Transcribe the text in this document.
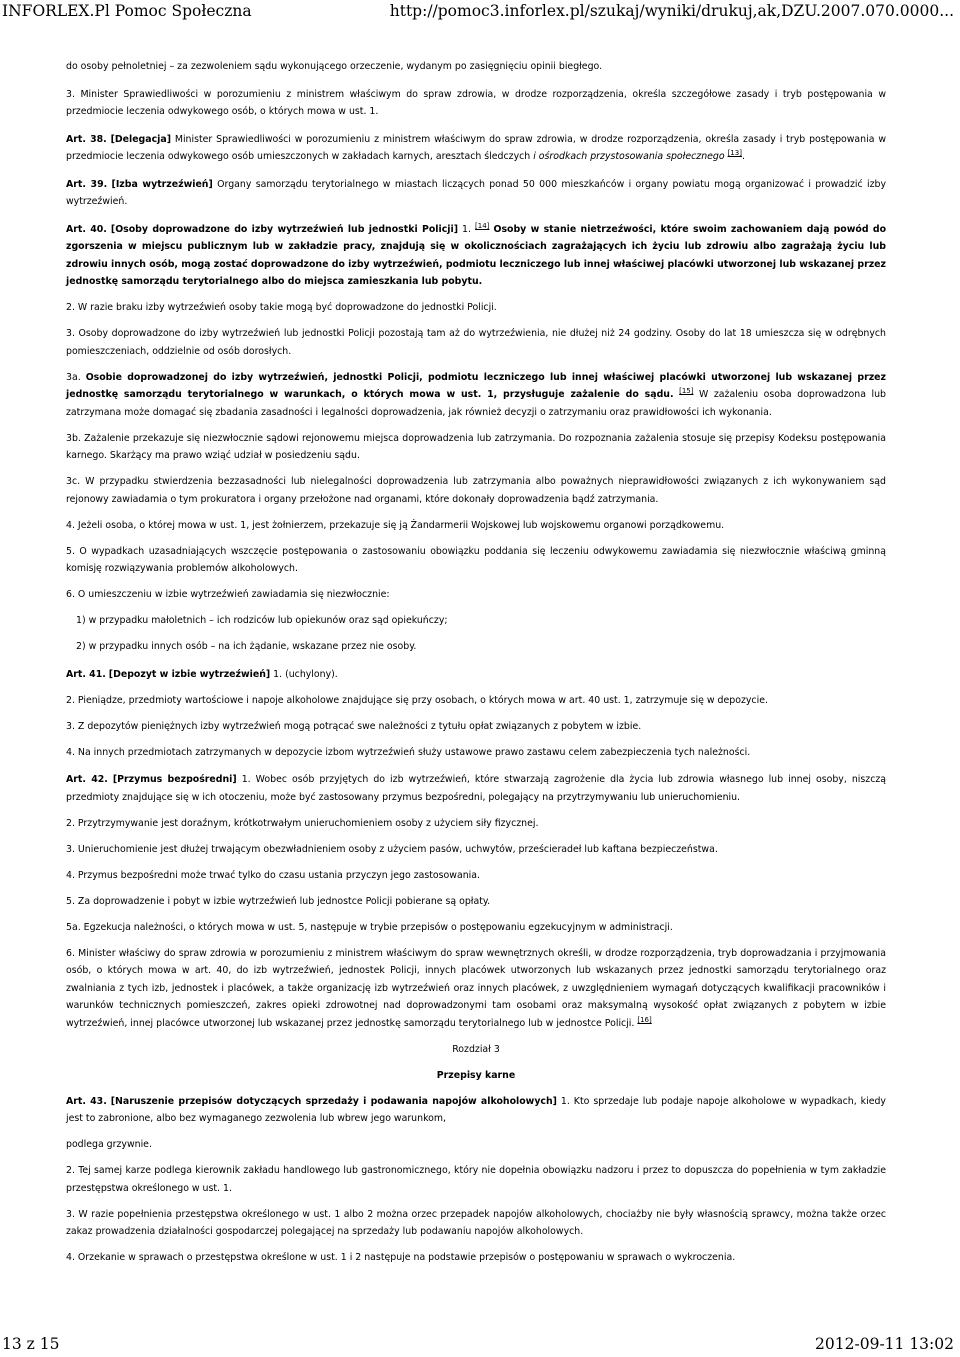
INFORLEX.Pl Pomoc Społeczna	http://pomoc3.inforlex.pl/szukaj/wyniki/drukuj,ak,DZU.2007.070.0000...

do osoby pełnoletniej – za zezwoleniem sądu wykonującego orzeczenie, wydanym po zasięgnięciu opinii biegłego.

3. Minister Sprawiedliwości w porozumieniu z ministrem właściwym do spraw zdrowia, w drodze rozporządzenia, określa szczegółowe zasady i tryb postępowania w przedmiocie leczenia odwykowego osób, o których mowa w ust. 1.

Art. 38. [Delegacja] Minister Sprawiedliwości w porozumieniu z ministrem właściwym do spraw zdrowia, w drodze rozporządzenia, określa zasady i tryb postępowania w przedmiocie leczenia odwykowego osób umieszczonych w zakładach karnych, aresztach śledczych i ośrodkach przystosowania społecznego [13].

Art. 39. [Izba wytrzeźwień] Organy samorządu terytorialnego w miastach liczących ponad 50 000 mieszkańców i organy powiatu mogą organizować i prowadzić izby wytrzeźwień.

Art. 40. [Osoby doprowadzone do izby wytrzeźwień lub jednostki Policji] 1. [14] Osoby w stanie nietrzeźwości, które swoim zachowaniem dają powód do zgorszenia w miejscu publicznym lub w zakładzie pracy, znajdują się w okolicznościach zagrażających ich życiu lub zdrowiu albo zagrażają życiu lub zdrowiu innych osób, mogą zostać doprowadzone do izby wytrzeźwień, podmiotu leczniczego lub innej właściwej placówki utworzonej lub wskazanej przez jednostkę samorządu terytorialnego albo do miejsca zamieszkania lub pobytu.

2. W razie braku izby wytrzeźwień osoby takie mogą być doprowadzone do jednostki Policji.

3. Osoby doprowadzone do izby wytrzeźwień lub jednostki Policji pozostają tam aż do wytrzeźwienia, nie dłużej niż 24 godziny. Osoby do lat 18 umieszcza się w odrębnych pomieszczeniach, oddzielnie od osób dorosłych.

3a. Osobie doprowadzonej do izby wytrzeźwień, jednostki Policji, podmiotu leczniczego lub innej właściwej placówki utworzonej lub wskazanej przez jednostkę samorządu terytorialnego w warunkach, o których mowa w ust. 1, przysługuje zażalenie do sądu. [15] W zażaleniu osoba doprowadzona lub zatrzymana może domagać się zbadania zasadności i legalności doprowadzenia, jak również decyzji o zatrzymaniu oraz prawidłowości ich wykonania.

3b. Zażalenie przekazuje się niezwłocznie sądowi rejonowemu miejsca doprowadzenia lub zatrzymania. Do rozpoznania zażalenia stosuje się przepisy Kodeksu postępowania karnego. Skarżący ma prawo wziąć udział w posiedzeniu sądu.

3c. W przypadku stwierdzenia bezzasadności lub nielegalności doprowadzenia lub zatrzymania albo poważnych nieprawidłowości związanych z ich wykonywaniem sąd rejonowy zawiadamia o tym prokuratora i organy przełożone nad organami, które dokonały doprowadzenia bądź zatrzymania.

4. Jeżeli osoba, o której mowa w ust. 1, jest żołnierzem, przekazuje się ją Żandarmerii Wojskowej lub wojskowemu organowi porządkowemu.

5. O wypadkach uzasadniających wszczęcie postępowania o zastosowaniu obowiązku poddania się leczeniu odwykowemu zawiadamia się niezwłocznie właściwą gminną komisję rozwiązywania problemów alkoholowych.

6. O umieszczeniu w izbie wytrzeźwień zawiadamia się niezwłocznie:

1) w przypadku małoletnich – ich rodziców lub opiekunów oraz sąd opiekuńczy;

2) w przypadku innych osób – na ich żądanie, wskazane przez nie osoby.

Art. 41. [Depozyt w izbie wytrzeźwień] 1. (uchylony).

2. Pieniądze, przedmioty wartościowe i napoje alkoholowe znajdujące się przy osobach, o których mowa w art. 40 ust. 1, zatrzymuje się w depozycie.

3. Z depozytów pieniężnych izby wytrzeźwień mogą potrącać swe należności z tytułu opłat związanych z pobytem w izbie.

4. Na innych przedmiotach zatrzymanych w depozycie izbom wytrzeźwień służy ustawowe prawo zastawu celem zabezpieczenia tych należności.

Art. 42. [Przymus bezpośredni] 1. Wobec osób przyjętych do izb wytrzeźwień, które stwarzają zagrożenie dla życia lub zdrowia własnego lub innej osoby, niszczą przedmioty znajdujące się w ich otoczeniu, może być zastosowany przymus bezpośredni, polegający na przytrzymywaniu lub unieruchomieniu.

2. Przytrzymywanie jest doraźnym, krótkotrwałym unieruchomieniem osoby z użyciem siły fizycznej.

3. Unieruchomienie jest dłużej trwającym obezwładnieniem osoby z użyciem pasów, uchwytów, prześcieradeł lub kaftana bezpieczeństwa.

4. Przymus bezpośredni może trwać tylko do czasu ustania przyczyn jego zastosowania.

5. Za doprowadzenie i pobyt w izbie wytrzeźwień lub jednostce Policji pobierane są opłaty.

5a. Egzekucja należności, o których mowa w ust. 5, następuje w trybie przepisów o postępowaniu egzekucyjnym w administracji.

6. Minister właściwy do spraw zdrowia w porozumieniu z ministrem właściwym do spraw wewnętrznych określi, w drodze rozporządzenia, tryb doprowadzania i przyjmowania osób, o których mowa w art. 40, do izb wytrzeźwień, jednostek Policji, innych placówek utworzonych lub wskazanych przez jednostki samorządu terytorialnego oraz zwalniania z tych izb, jednostek i placówek, a także organizację izb wytrzeźwień oraz innych placówek, z uwzględnieniem wymagań dotyczących kwalifikacji pracowników i warunków technicznych pomieszczeń, zakres opieki zdrowotnej nad doprowadzonymi tam osobami oraz maksymalną wysokość opłat związanych z pobytem w izbie wytrzeźwień, innej placówce utworzonej lub wskazanej przez jednostkę samorządu terytorialnego lub w jednostce Policji. [16]

Rozdział 3

Przepisy karne

Art. 43. [Naruszenie przepisów dotyczących sprzedaży i podawania napojów alkoholowych] 1. Kto sprzedaje lub podaje napoje alkoholowe w wypadkach, kiedy jest to zabronione, albo bez wymaganego zezwolenia lub wbrew jego warunkom,

podlega grzywnie.

2. Tej samej karze podlega kierownik zakładu handlowego lub gastronomicznego, który nie dopełnia obowiązku nadzoru i przez to dopuszcza do popełnienia w tym zakładzie przestępstwa określonego w ust. 1.

3. W razie popełnienia przestępstwa określonego w ust. 1 albo 2 można orzec przepadek napojów alkoholowych, chociażby nie były własnością sprawcy, można także orzec zakaz prowadzenia działalności gospodarczej polegającej na sprzedaży lub podawaniu napojów alkoholowych.

4. Orzekanie w sprawach o przestępstwa określone w ust. 1 i 2 następuje na podstawie przepisów o postępowaniu w sprawach o wykroczenia.

13 z 15	2012-09-11 13:02
